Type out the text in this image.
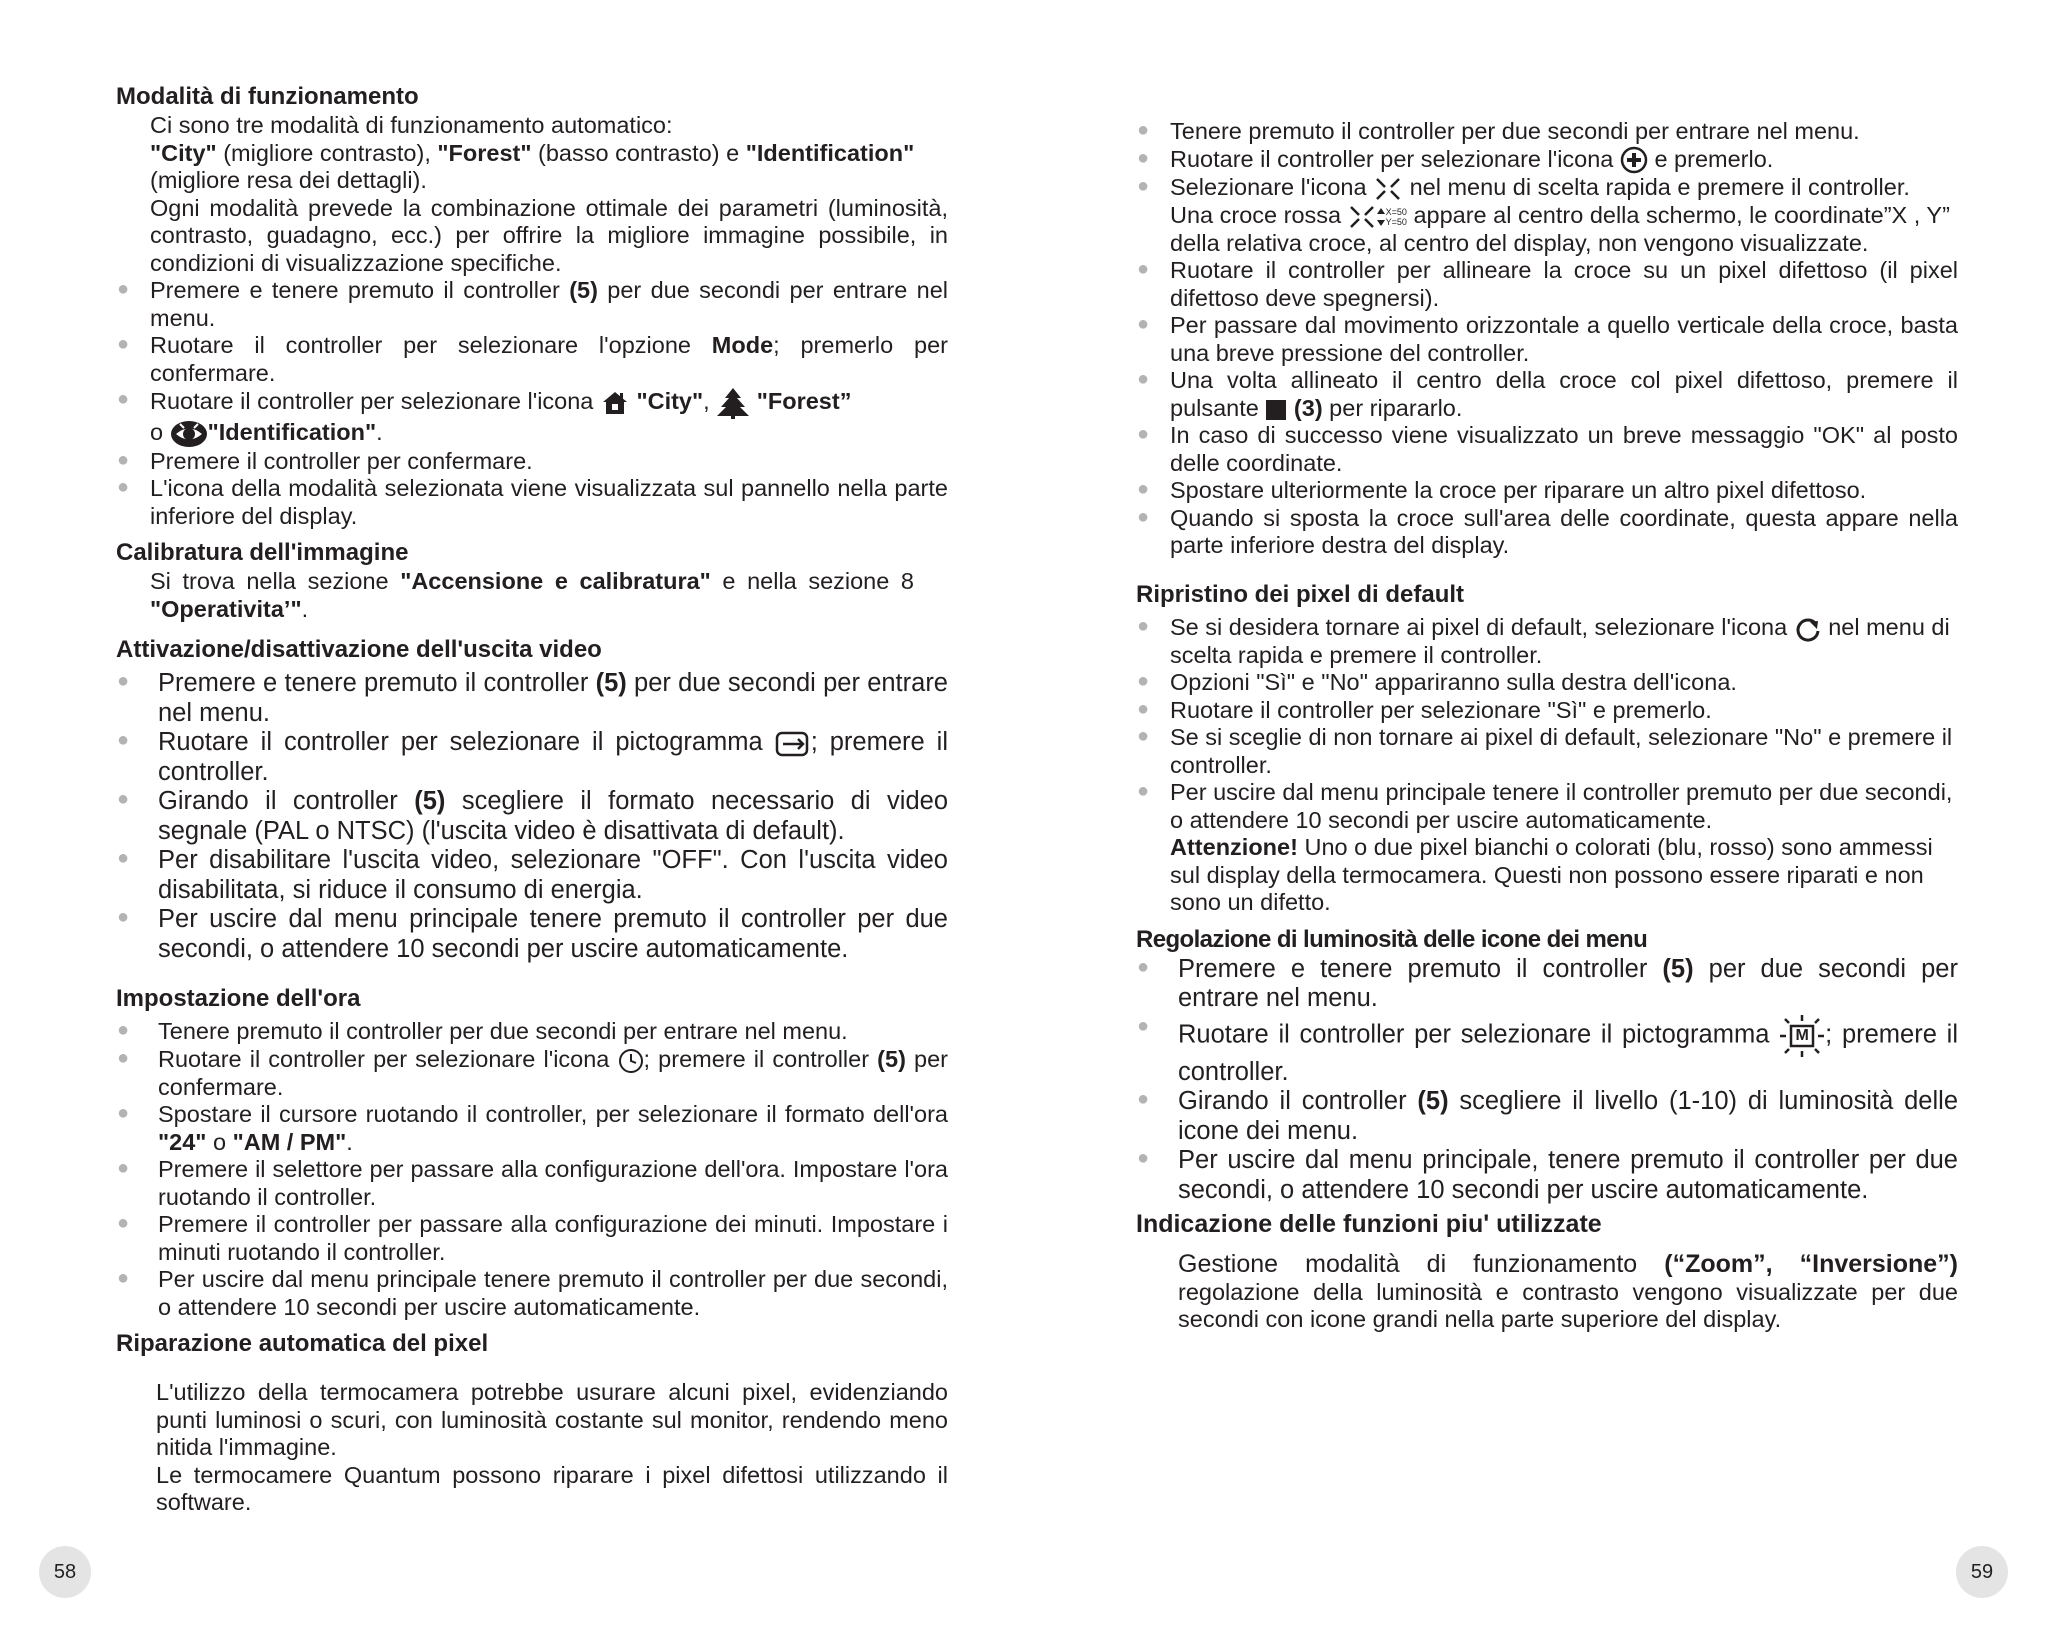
Modalità di funzionamento

Ci sono tre modalità di funzionamento automatico:

"City" (migliore contrasto), "Forest" (basso contrasto) e "Identification"
(migliore resa dei dettagli).

Ogni modalità prevede la combinazione ottimale dei parametri (luminosità, contrasto, guadagno, ecc.) per offrire la migliore immagine possibile, in condizioni di visualizzazione specifiche.

● Premere e tenere premuto il controller (5) per due secondi per entrare nel menu.
● Ruotare il controller per selezionare l'opzione Mode; premerlo per confermare.
● Ruotare il controller per selezionare l'icona  "City",  "Forest”
o "Identification".
● Premere il controller per confermare.
● L'icona della modalità selezionata viene visualizzata sul pannello nella parte inferiore del display.
Calibratura dell'immagine

Si trova nella sezione "Accensione e calibratura" e nella sezione 8 "Operativita’".

Attivazione/disattivazione dell'uscita video
● Premere e tenere premuto il controller (5) per due secondi per entrare nel menu.
● Ruotare il controller per selezionare il pictogramma ; premere il controller.
● Girando il controller (5) scegliere il formato necessario di video segnale (PAL o NTSC) (l'uscita video è disattivata di default).
● Per disabilitare l'uscita video, selezionare "OFF". Con l'uscita video disabilitata, si riduce il consumo di energia.
● Per uscire dal menu principale tenere premuto il controller per due secondi, o attendere 10 secondi per uscire automaticamente.
Impostazione dell'ora
● Tenere premuto il controller per due secondi per entrare nel menu.
● Ruotare il controller per selezionare l'icona ; premere il controller (5) per confermare.
● Spostare il cursore ruotando il controller, per selezionare il formato dell'ora "24" o "AM / PM".
● Premere il selettore per passare alla configurazione dell'ora. Impostare l'ora ruotando il controller.
● Premere il controller per passare alla configurazione dei minuti. Impostare i minuti ruotando il controller.
● Per uscire dal menu principale tenere premuto il controller per due secondi, o attendere 10 secondi per uscire automaticamente.
Riparazione automatica del pixel

L'utilizzo della termocamera potrebbe usurare alcuni pixel, evidenziando punti luminosi o scuri, con luminosità costante sul monitor, rendendo meno nitida l'immagine.

Le termocamere Quantum possono riparare i pixel difettosi utilizzando il software.

● Tenere premuto il controller per due secondi per entrare nel menu.
● Ruotare il controller per selezionare l'icona  e premerlo.
● Selezionare l'icona  nel menu di scelta rapida e premere il controller. Una croce rossa	X=50
Y=50 appare al centro della schermo, le coordinate”X , Y” della relativa croce, al centro del display, non vengono visualizzate.
● Ruotare il controller per allineare la croce su un pixel difettoso (il pixel difettoso deve spegnersi).
● Per passare dal movimento orizzontale a quello verticale della croce, basta una breve pressione del controller.
● Una volta allineato il centro della croce col pixel difettoso, premere il pulsante  (3) per ripararlo.
● In caso di successo viene visualizzato un breve messaggio "OK" al posto delle coordinate.
● Spostare ulteriormente la croce per riparare un altro pixel difettoso.
● Quando si sposta la croce sull'area delle coordinate, questa appare nella parte inferiore destra del display.
Ripristino dei pixel di default
● Se si desidera tornare ai pixel di default, selezionare l'icona  nel menu di scelta rapida e premere il controller.
● Opzioni "Sì" e "No" appariranno sulla destra dell'icona.
● Ruotare il controller per selezionare "Sì" e premerlo.
● Se si sceglie di non tornare ai pixel di default, selezionare "No" e premere il controller.
● Per uscire dal menu principale tenere il controller premuto per due secondi, o attendere 10 secondi per uscire automaticamente.
Attenzione! Uno o due pixel bianchi o colorati (blu, rosso) sono ammessi sul display della termocamera. Questi non possono essere riparati e non sono un difetto.
Regolazione di luminosità delle icone dei menu
● Premere e tenere premuto il controller (5) per due secondi per entrare nel menu.
● Ruotare il controller per selezionare il pictogramma	M ; premere il controller.
● Girando il controller (5) scegliere il livello (1-10) di luminosità delle icone dei menu.
● Per uscire dal menu principale, tenere premuto il controller per due secondi, o attendere 10 secondi per uscire automaticamente.
Indicazione delle funzioni piu' utilizzate

Gestione modalità di funzionamento (“Zoom”, “Inversione”) regolazione della luminosità e contrasto vengono visualizzate per due secondi con icone grandi nella parte superiore del display.

58	59
